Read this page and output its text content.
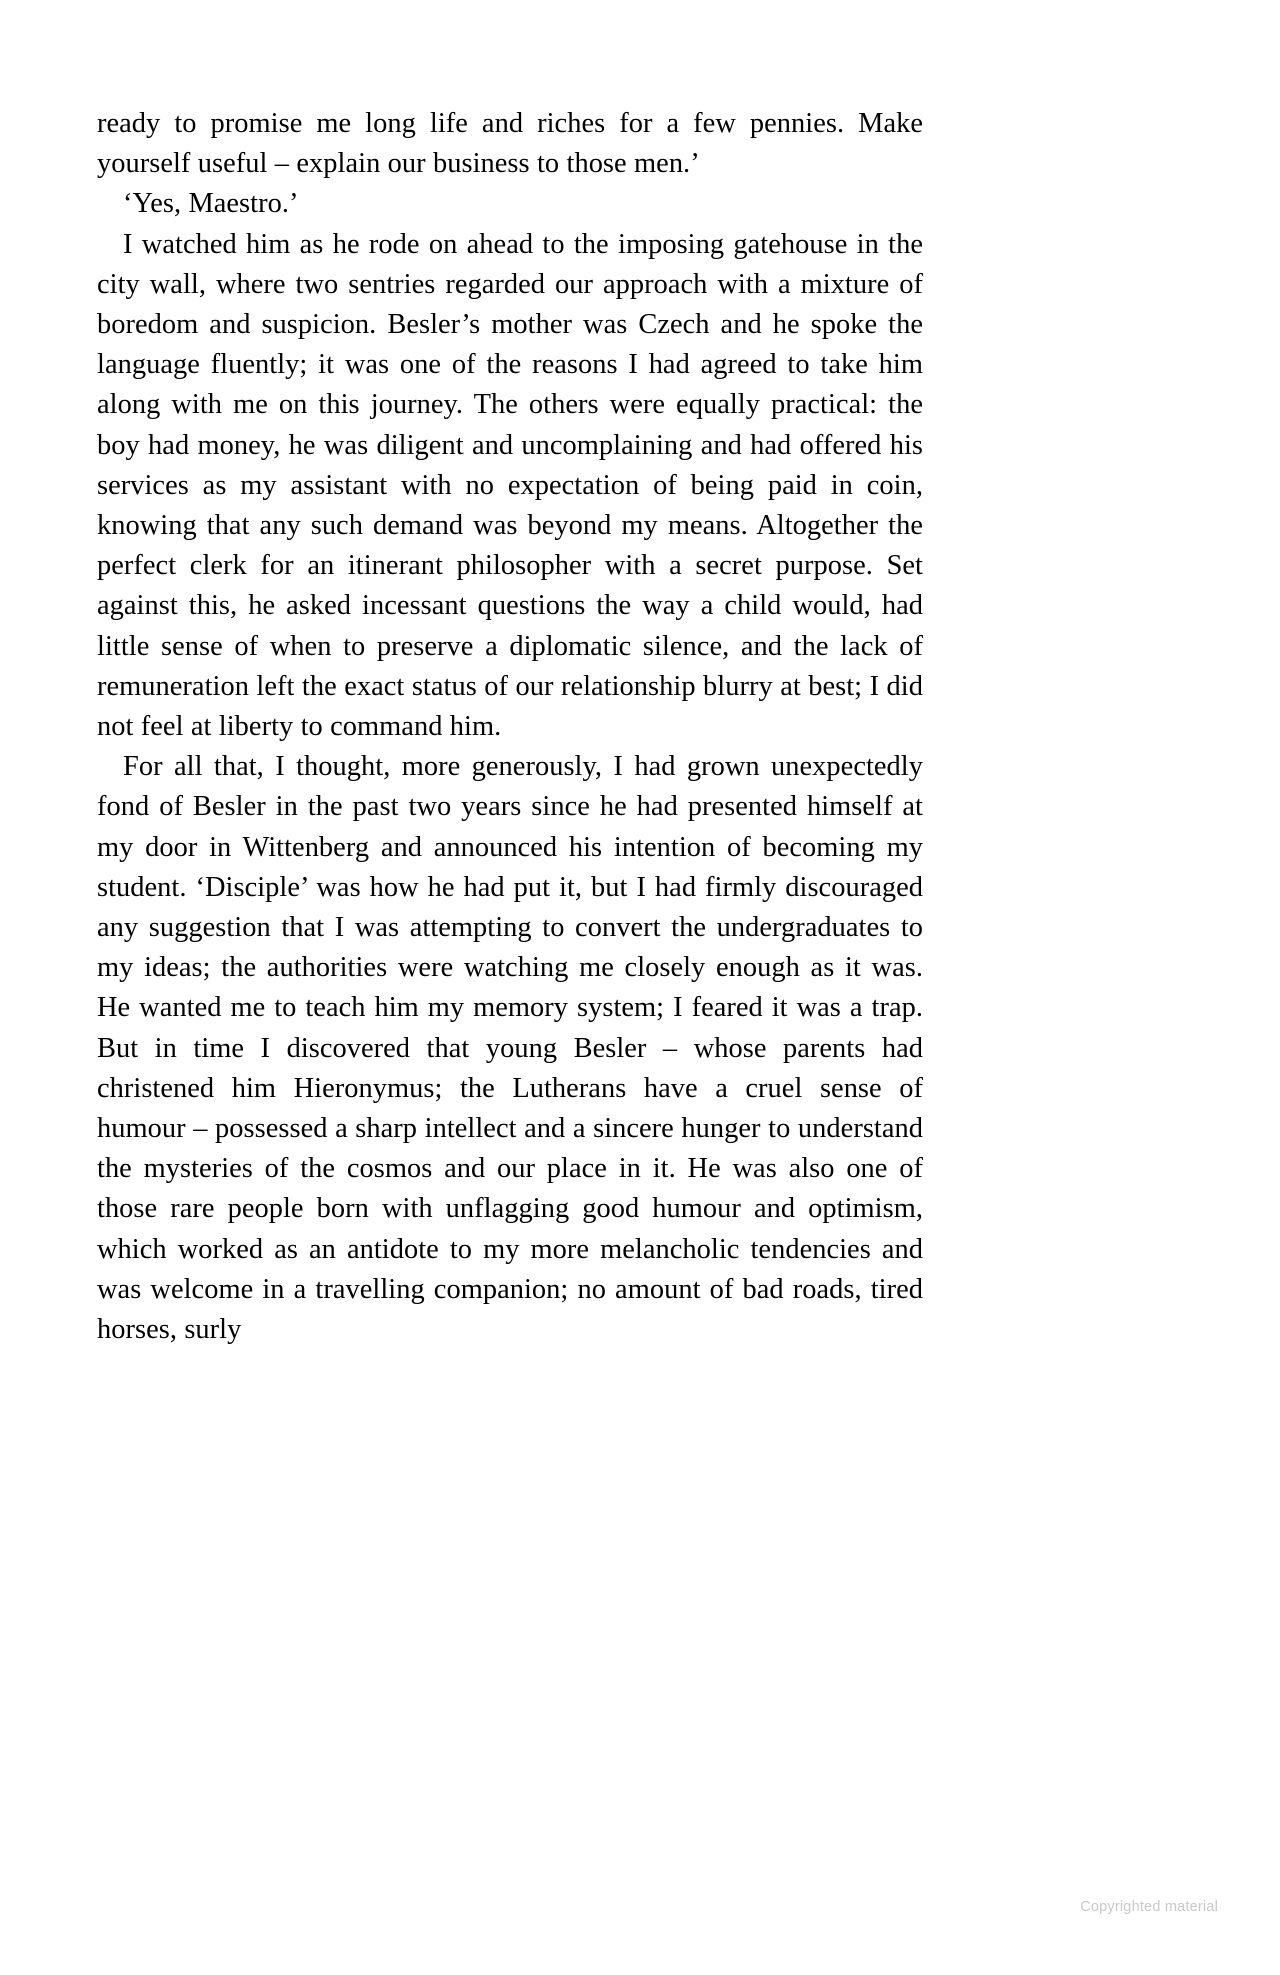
ready to promise me long life and riches for a few pennies. Make yourself useful – explain our business to those men.’

‘Yes, Maestro.’

I watched him as he rode on ahead to the imposing gatehouse in the city wall, where two sentries regarded our approach with a mixture of boredom and suspicion. Besler’s mother was Czech and he spoke the language fluently; it was one of the reasons I had agreed to take him along with me on this journey. The others were equally practical: the boy had money, he was diligent and uncomplaining and had offered his services as my assistant with no expectation of being paid in coin, knowing that any such demand was beyond my means. Altogether the perfect clerk for an itinerant philosopher with a secret purpose. Set against this, he asked incessant questions the way a child would, had little sense of when to preserve a diplomatic silence, and the lack of remuneration left the exact status of our relationship blurry at best; I did not feel at liberty to command him.

For all that, I thought, more generously, I had grown unexpectedly fond of Besler in the past two years since he had presented himself at my door in Wittenberg and announced his intention of becoming my student. ‘Disciple’ was how he had put it, but I had firmly discouraged any suggestion that I was attempting to convert the undergraduates to my ideas; the authorities were watching me closely enough as it was. He wanted me to teach him my memory system; I feared it was a trap. But in time I discovered that young Besler – whose parents had christened him Hieronymus; the Lutherans have a cruel sense of humour – possessed a sharp intellect and a sincere hunger to understand the mysteries of the cosmos and our place in it. He was also one of those rare people born with unflagging good humour and optimism, which worked as an antidote to my more melancholic tendencies and was welcome in a travelling companion; no amount of bad roads, tired horses, surly

Copyrighted material
